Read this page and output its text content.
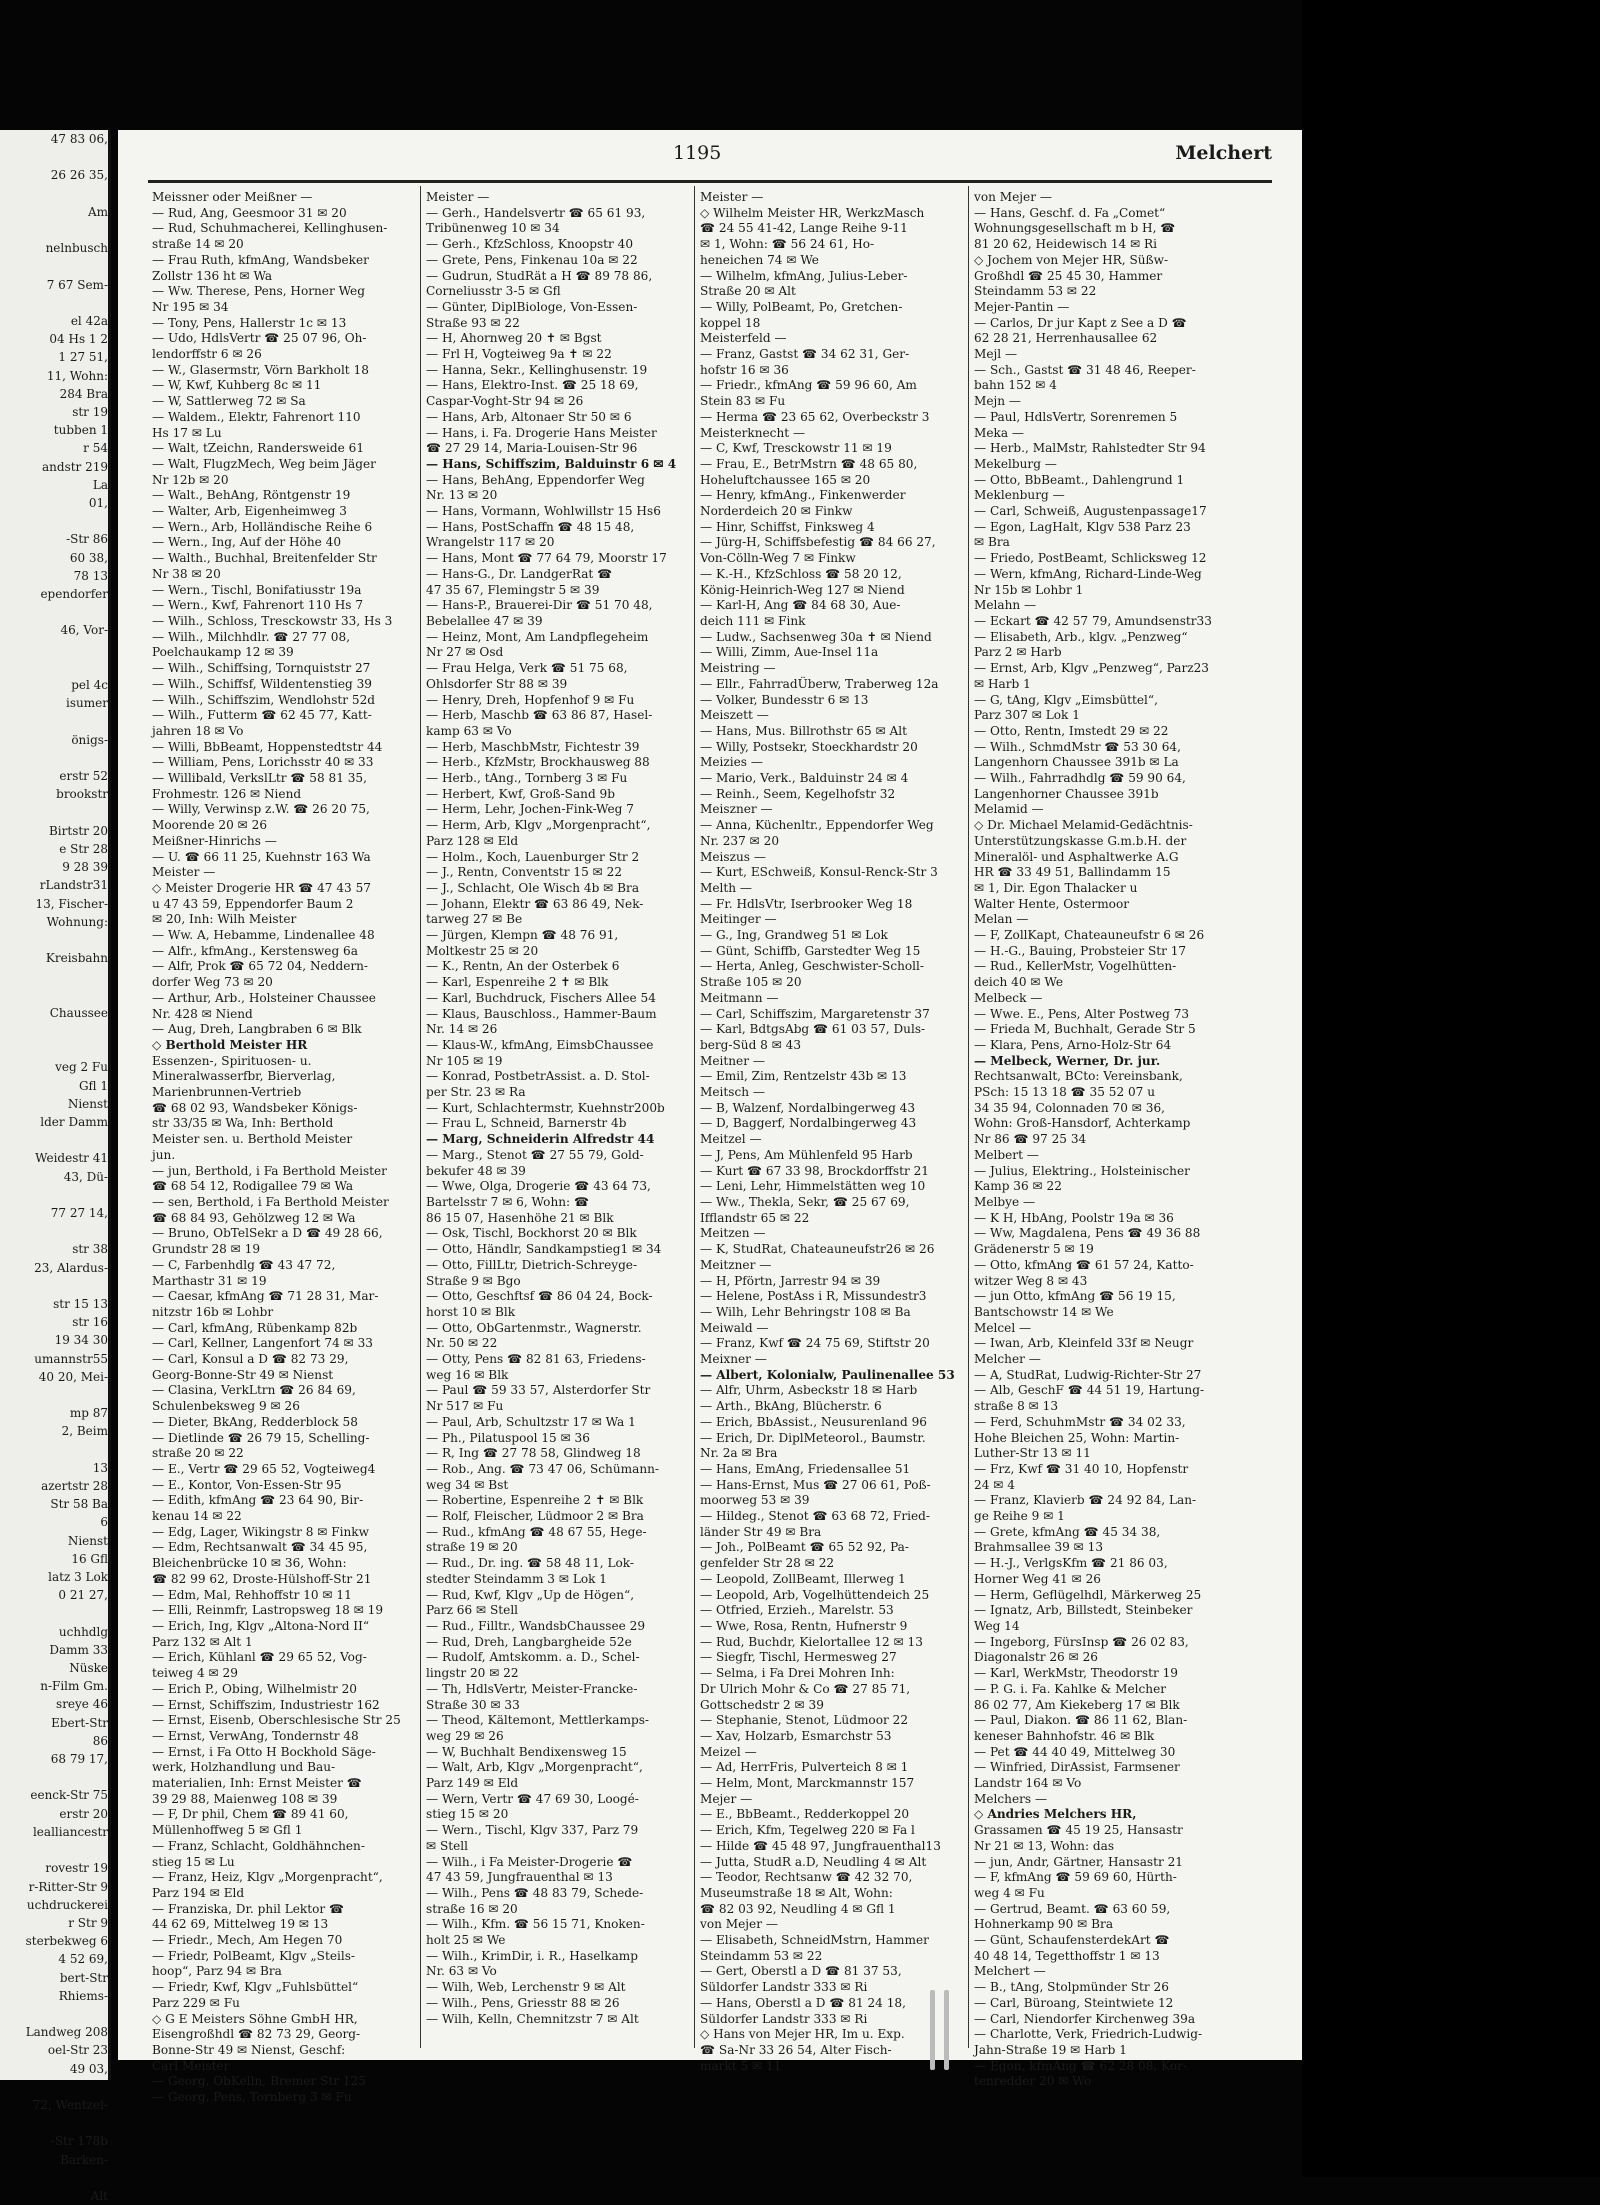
47 83 06,

26 26 35,

Am

nelnbusch

7 67 Sem-

el 42a
04 Hs 1 2
1 27 51,
11, Wohn:
284 Bra
str 19
tubben 1
r 54
andstr 219
La
01,

-Str 86
60 38,
78 13
ependorfer

46, Vor-

pel 4c
isumer

önigs-

erstr 52
brookstr

Birtstr 20
e Str 28
9 28 39
rLandstr31
13, Fischer-
Wohnung:

Kreisbahn

Chaussee

veg 2 Fu
Gfl 1
Nienst
lder Damm

Weidestr 41
43, Dü-

77 27 14,

str 38
23, Alardus-

str 15 13
str 16
19 34 30
umannstr55
40 20, Mei-

mp 87
2, Beim

13
azertstr 28
Str 58 Ba
6
Nienst
16 Gfl
latz 3 Lok
0 21 27,

uchhdlg
Damm 33
Nüske
n-Film Gm.
sreye 46
Ebert-Str
86
68 79 17,

eenck-Str 75
erstr 20
lealliancestr

rovestr 19
r-Ritter-Str 9
uchdruckerei
r Str 9
sterbekweg 6
4 52 69,
bert-Str
Rhiems-

Landweg 208
oel-Str 23
49 03,

72, Wentzel-

-Str 178b
Barken-

Alt
1195	Melchert
Meissner oder Meißner —
— Rud, Ang, Geesmoor 31 ✉ 20
— Rud, Schuhmacherei, Kellinghusen-
straße 14 ✉ 20
— Frau Ruth, kfmAng, Wandsbeker
Zollstr 136 ht ✉ Wa
— Ww. Therese, Pens, Horner Weg
Nr 195 ✉ 34
— Tony, Pens, Hallerstr 1c ✉ 13
— Udo, HdlsVertr ☎ 25 07 96, Oh-
lendorffstr 6 ✉ 26
— W., Glasermstr, Vörn Barkholt 18
— W, Kwf, Kuhberg 8c ✉ 11
— W, Sattlerweg 72 ✉ Sa
— Waldem., Elektr, Fahrenort 110
Hs 17 ✉ Lu
— Walt, tZeichn, Randersweide 61
— Walt, FlugzMech, Weg beim Jäger
Nr 12b ✉ 20
— Walt., BehAng, Röntgenstr 19
— Walter, Arb, Eigenheimweg 3
— Wern., Arb, Holländische Reihe 6
— Wern., Ing, Auf der Höhe 40
— Walth., Buchhal, Breitenfelder Str
Nr 38 ✉ 20
— Wern., Tischl, Bonifatiusstr 19a
— Wern., Kwf, Fahrenort 110 Hs 7
— Wilh., Schloss, Tresckowstr 33, Hs 3
— Wilh., Milchhdlr. ☎ 27 77 08,
Poelchaukamp 12 ✉ 39
— Wilh., Schiffsing, Tornquiststr 27
— Wilh., Schiffsf, Wildentenstieg 39
— Wilh., Schiffszim, Wendlohstr 52d
— Wilh., Futterm ☎ 62 45 77, Katt-
jahren 18 ✉ Vo
— Willi, BbBeamt, Hoppenstedtstr 44
— William, Pens, Lorichsstr 40 ✉ 33
— Willibald, VerkslLtr ☎ 58 81 35,
Frohmestr. 126 ✉ Niend
— Willy, Verwinsp z.W. ☎ 26 20 75,
Moorende 20 ✉ 26
Meißner-Hinrichs —
— U. ☎ 66 11 25, Kuehnstr 163 Wa
Meister —
◇ Meister Drogerie HR ☎ 47 43 57
u 47 43 59, Eppendorfer Baum 2
✉ 20, Inh: Wilh Meister
— Ww. A, Hebamme, Lindenallee 48
— Alfr., kfmAng., Kerstensweg 6a
— Alfr, Prok ☎ 65 72 04, Neddern-
dorfer Weg 73 ✉ 20
— Arthur, Arb., Holsteiner Chaussee
Nr. 428 ✉ Niend
— Aug, Dreh, Langbraben 6 ✉ Blk
◇ Berthold Meister HR
Essenzen-, Spirituosen- u.
Mineralwasserfbr, Bierverlag,
Marienbrunnen-Vertrieb
☎ 68 02 93, Wandsbeker Königs-
str 33/35 ✉ Wa, Inh: Berthold
Meister sen. u. Berthold Meister
jun.
— jun, Berthold, i Fa Berthold Meister
☎ 68 54 12, Rodigallee 79 ✉ Wa
— sen, Berthold, i Fa Berthold Meister
☎ 68 84 93, Gehölzweg 12 ✉ Wa
— Bruno, ObTelSekr a D ☎ 49 28 66,
Grundstr 28 ✉ 19
— C, Farbenhdlg ☎ 43 47 72,
Marthastr 31 ✉ 19
— Caesar, kfmAng ☎ 71 28 31, Mar-
nitzstr 16b ✉ Lohbr
— Carl, kfmAng, Rübenkamp 82b
— Carl, Kellner, Langenfort 74 ✉ 33
— Carl, Konsul a D ☎ 82 73 29,
Georg-Bonne-Str 49 ✉ Nienst
— Clasina, VerkLtrn ☎ 26 84 69,
Schulenbeksweg 9 ✉ 26
— Dieter, BkAng, Redderblock 58
— Dietlinde ☎ 26 79 15, Schelling-
straße 20 ✉ 22
— E., Vertr ☎ 29 65 52, Vogteiweg4
— E., Kontor, Von-Essen-Str 95
— Edith, kfmAng ☎ 23 64 90, Bir-
kenau 14 ✉ 22
— Edg, Lager, Wikingstr 8 ✉ Finkw
— Edm, Rechtsanwalt ☎ 34 45 95,
Bleichenbrücke 10 ✉ 36, Wohn:
☎ 82 99 62, Droste-Hülshoff-Str 21
— Edm, Mal, Rehhoffstr 10 ✉ 11
— Elli, Reinmfr, Lastropsweg 18 ✉ 19
— Erich, Ing, Klgv „Altona-Nord II“
Parz 132 ✉ Alt 1
— Erich, Kühlanl ☎ 29 65 52, Vog-
teiweg 4 ✉ 29
— Erich P., Obing, Wilhelmistr 20
— Ernst, Schiffszim, Industriestr 162
— Ernst, Eisenb, Oberschlesische Str 25
— Ernst, VerwAng, Tondernstr 48
— Ernst, i Fa Otto H Bockhold Säge-
werk, Holzhandlung und Bau-
materialien, Inh: Ernst Meister ☎
39 29 88, Maienweg 108 ✉ 39
— F, Dr phil, Chem ☎ 89 41 60,
Müllenhoffweg 5 ✉ Gfl 1
— Franz, Schlacht, Goldhähnchen-
stieg 15 ✉ Lu
— Franz, Heiz, Klgv „Morgenpracht“,
Parz 194 ✉ Eld
— Franziska, Dr. phil Lektor ☎
44 62 69, Mittelweg 19 ✉ 13
— Friedr., Mech, Am Hegen 70
— Friedr, PolBeamt, Klgv „Steils-
hoop“, Parz 94 ✉ Bra
— Friedr, Kwf, Klgv „Fuhlsbüttel“
Parz 229 ✉ Fu
◇ G E Meisters Söhne GmbH HR,
Eisengroßhdl ☎ 82 73 29, Georg-
Bonne-Str 49 ✉ Nienst, Geschf:
Carl Meister
— Georg, ObKelln, Bremer Str 125
— Georg, Pens, Tornberg 3 ✉ Fu
Meister —
— Gerh., Handelsvertr ☎ 65 61 93,
Tribünenweg 10 ✉ 34
— Gerh., KfzSchloss, Knoopstr 40
— Grete, Pens, Finkenau 10a ✉ 22
— Gudrun, StudRät a H ☎ 89 78 86,
Corneliusstr 3-5 ✉ Gfl
— Günter, DiplBiologe, Von-Essen-
Straße 93 ✉ 22
— H, Ahornweg 20 ✝ ✉ Bgst
— Frl H, Vogteiweg 9a ✝ ✉ 22
— Hanna, Sekr., Kellinghusenstr. 19
— Hans, Elektro-Inst. ☎ 25 18 69,
Caspar-Voght-Str 94 ✉ 26
— Hans, Arb, Altonaer Str 50 ✉ 6
— Hans, i. Fa. Drogerie Hans Meister
☎ 27 29 14, Maria-Louisen-Str 96
— Hans, Schiffszim, Balduinstr 6 ✉ 4
— Hans, BehAng, Eppendorfer Weg
Nr. 13 ✉ 20
— Hans, Vormann, Wohlwillstr 15 Hs6
— Hans, PostSchaffn ☎ 48 15 48,
Wrangelstr 117 ✉ 20
— Hans, Mont ☎ 77 64 79, Moorstr 17
— Hans-G., Dr. LandgerRat ☎
47 35 67, Flemingstr 5 ✉ 39
— Hans-P., Brauerei-Dir ☎ 51 70 48,
Bebelallee 47 ✉ 39
— Heinz, Mont, Am Landpflegeheim
Nr 27 ✉ Osd
— Frau Helga, Verk ☎ 51 75 68,
Ohlsdorfer Str 88 ✉ 39
— Henry, Dreh, Hopfenhof 9 ✉ Fu
— Herb, Maschb ☎ 63 86 87, Hasel-
kamp 63 ✉ Vo
— Herb, MaschbMstr, Fichtestr 39
— Herb., KfzMstr, Brockhausweg 88
— Herb., tAng., Tornberg 3 ✉ Fu
— Herbert, Kwf, Groß-Sand 9b
— Herm, Lehr, Jochen-Fink-Weg 7
— Herm, Arb, Klgv „Morgenpracht“,
Parz 128 ✉ Eld
— Holm., Koch, Lauenburger Str 2
— J., Rentn, Conventstr 15 ✉ 22
— J., Schlacht, Ole Wisch 4b ✉ Bra
— Johann, Elektr ☎ 63 86 49, Nek-
tarweg 27 ✉ Be
— Jürgen, Klempn ☎ 48 76 91,
Moltkestr 25 ✉ 20
— K., Rentn, An der Osterbek 6
— Karl, Espenreihe 2 ✝ ✉ Blk
— Karl, Buchdruck, Fischers Allee 54
— Klaus, Bauschloss., Hammer-Baum
Nr. 14 ✉ 26
— Klaus-W., kfmAng, EimsbChaussee
Nr 105 ✉ 19
— Konrad, PostbetrAssist. a. D. Stol-
per Str. 23 ✉ Ra
— Kurt, Schlachtermstr, Kuehnstr200b
— Frau L, Schneid, Barnerstr 4b
— Marg, Schneiderin Alfredstr 44
— Marg., Stenot ☎ 27 55 79, Gold-
bekufer 48 ✉ 39
— Wwe, Olga, Drogerie ☎ 43 64 73,
Bartelsstr 7 ✉ 6, Wohn: ☎
86 15 07, Hasenhöhe 21 ✉ Blk
— Osk, Tischl, Bockhorst 20 ✉ Blk
— Otto, Händlr, Sandkampstieg1 ✉ 34
— Otto, FillLtr, Dietrich-Schreyge-
Straße 9 ✉ Bgo
— Otto, Geschftsf ☎ 86 04 24, Bock-
horst 10 ✉ Blk
— Otto, ObGartenmstr., Wagnerstr.
Nr. 50 ✉ 22
— Otty, Pens ☎ 82 81 63, Friedens-
weg 16 ✉ Blk
— Paul ☎ 59 33 57, Alsterdorfer Str
Nr 517 ✉ Fu
— Paul, Arb, Schultzstr 17 ✉ Wa 1
— Ph., Pilatuspool 15 ✉ 36
— R, Ing ☎ 27 78 58, Glindweg 18
— Rob., Ang. ☎ 73 47 06, Schümann-
weg 34 ✉ Bst
— Robertine, Espenreihe 2 ✝ ✉ Blk
— Rolf, Fleischer, Lüdmoor 2 ✉ Bra
— Rud., kfmAng ☎ 48 67 55, Hege-
straße 19 ✉ 20
— Rud., Dr. ing. ☎ 58 48 11, Lok-
stedter Steindamm 3 ✉ Lok 1
— Rud, Kwf, Klgv „Up de Högen“,
Parz 66 ✉ Stell
— Rud., Filltr., WandsbChaussee 29
— Rud, Dreh, Langbargheide 52e
— Rudolf, Amtskomm. a. D., Schel-
lingstr 20 ✉ 22
— Th, HdlsVertr, Meister-Francke-
Straße 30 ✉ 33
— Theod, Kältemont, Mettlerkamps-
weg 29 ✉ 26
— W, Buchhalt Bendixensweg 15
— Walt, Arb, Klgv „Morgenpracht“,
Parz 149 ✉ Eld
— Wern, Vertr ☎ 47 69 30, Loogé-
stieg 15 ✉ 20
— Wern., Tischl, Klgv 337, Parz 79
✉ Stell
— Wilh., i Fa Meister-Drogerie ☎
47 43 59, Jungfrauenthal ✉ 13
— Wilh., Pens ☎ 48 83 79, Schede-
straße 16 ✉ 20
— Wilh., Kfm. ☎ 56 15 71, Knoken-
holt 25 ✉ We
— Wilh., KrimDir, i. R., Haselkamp
Nr. 63 ✉ Vo
— Wilh, Web, Lerchenstr 9 ✉ Alt
— Wilh., Pens, Griesstr 88 ✉ 26
— Wilh, Kelln, Chemnitzstr 7 ✉ Alt
Meister —
◇ Wilhelm Meister HR, WerkzMasch
☎ 24 55 41-42, Lange Reihe 9-11
✉ 1, Wohn: ☎ 56 24 61, Ho-
heneichen 74 ✉ We
— Wilhelm, kfmAng, Julius-Leber-
Straße 20 ✉ Alt
— Willy, PolBeamt, Po, Gretchen-
koppel 18
Meisterfeld —
— Franz, Gastst ☎ 34 62 31, Ger-
hofstr 16 ✉ 36
— Friedr., kfmAng ☎ 59 96 60, Am
Stein 83 ✉ Fu
— Herma ☎ 23 65 62, Overbeckstr 3
Meisterknecht —
— C, Kwf, Tresckowstr 11 ✉ 19
— Frau, E., BetrMstrn ☎ 48 65 80,
Hoheluftchaussee 165 ✉ 20
— Henry, kfmAng., Finkenwerder
Norderdeich 20 ✉ Finkw
— Hinr, Schiffst, Finksweg 4
— Jürg-H, Schiffsbefestig ☎ 84 66 27,
Von-Cölln-Weg 7 ✉ Finkw
— K.-H., KfzSchloss ☎ 58 20 12,
König-Heinrich-Weg 127 ✉ Niend
— Karl-H, Ang ☎ 84 68 30, Aue-
deich 111 ✉ Fink
— Ludw., Sachsenweg 30a ✝ ✉ Niend
— Willi, Zimm, Aue-Insel 11a
Meistring —
— Ellr., FahrradÜberw, Traberweg 12a
— Volker, Bundesstr 6 ✉ 13
Meiszett —
— Hans, Mus. Billrothstr 65 ✉ Alt
— Willy, Postsekr, Stoeckhardstr 20
Meizies —
— Mario, Verk., Balduinstr 24 ✉ 4
— Reinh., Seem, Kegelhofstr 32
Meiszner —
— Anna, Küchenltr., Eppendorfer Weg
Nr. 237 ✉ 20
Meiszus —
— Kurt, ESchweiß, Konsul-Renck-Str 3
Melth —
— Fr. HdlsVtr, Iserbrooker Weg 18
Meitinger —
— G., Ing, Grandweg 51 ✉ Lok
— Günt, Schiffb, Garstedter Weg 15
— Herta, Anleg, Geschwister-Scholl-
Straße 105 ✉ 20
Meitmann —
— Carl, Schiffszim, Margaretenstr 37
— Karl, BdtgsAbg ☎ 61 03 57, Duls-
berg-Süd 8 ✉ 43
Meitner —
— Emil, Zim, Rentzelstr 43b ✉ 13
Meitsch —
— B, Walzenf, Nordalbingerweg 43
— D, Baggerf, Nordalbingerweg 43
Meitzel —
— J, Pens, Am Mühlenfeld 95 Harb
— Kurt ☎ 67 33 98, Brockdorffstr 21
— Leni, Lehr, Himmelstätten weg 10
— Ww., Thekla, Sekr, ☎ 25 67 69,
Ifflandstr 65 ✉ 22
Meitzen —
— K, StudRat, Chateauneufstr26 ✉ 26
Meitzner —
— H, Pförtn, Jarrestr 94 ✉ 39
— Helene, PostAss i R, Missundestr3
— Wilh, Lehr Behringstr 108 ✉ Ba
Meiwald —
— Franz, Kwf ☎ 24 75 69, Stiftstr 20
Meixner —
— Albert, Kolonialw, Paulinenallee 53
— Alfr, Uhrm, Asbeckstr 18 ✉ Harb
— Arth., BkAng, Blücherstr. 6
— Erich, BbAssist., Neusurenland 96
— Erich, Dr. DiplMeteorol., Baumstr.
Nr. 2a ✉ Bra
— Hans, EmAng, Friedensallee 51
— Hans-Ernst, Mus ☎ 27 06 61, Poß-
moorweg 53 ✉ 39
— Hildeg., Stenot ☎ 63 68 72, Fried-
länder Str 49 ✉ Bra
— Joh., PolBeamt ☎ 65 52 92, Pa-
genfelder Str 28 ✉ 22
— Leopold, ZollBeamt, Illerweg 1
— Leopold, Arb, Vogelhüttendeich 25
— Otfried, Erzieh., Marelstr. 53
— Wwe, Rosa, Rentn, Hufnerstr 9
— Rud, Buchdr, Kielortallee 12 ✉ 13
— Siegfr, Tischl, Hermesweg 27
— Selma, i Fa Drei Mohren Inh:
Dr Ulrich Mohr & Co ☎ 27 85 71,
Gottschedstr 2 ✉ 39
— Stephanie, Stenot, Lüdmoor 22
— Xav, Holzarb, Esmarchstr 53
Meizel —
— Ad, HerrFris, Pulverteich 8 ✉ 1
— Helm, Mont, Marckmannstr 157
Mejer —
— E., BbBeamt., Redderkoppel 20
— Erich, Kfm, Tegelweg 220 ✉ Fa l
— Hilde ☎ 45 48 97, Jungfrauenthal13
— Jutta, StudR a.D, Neudling 4 ✉ Alt
— Teodor, Rechtsanw ☎ 42 32 70,
Museumstraße 18 ✉ Alt, Wohn:
☎ 82 03 92, Neudling 4 ✉ Gfl 1
von Mejer —
— Elisabeth, SchneidMstrn, Hammer
Steindamm 53 ✉ 22
— Gert, Oberstl a D ☎ 81 37 53,
Süldorfer Landstr 333 ✉ Ri
— Hans, Oberstl a D ☎ 81 24 18,
Süldorfer Landstr 333 ✉ Ri
◇ Hans von Mejer HR, Im u. Exp.
☎ Sa-Nr 33 26 54, Alter Fisch-
markt 5 ✉ 11
von Mejer —
— Hans, Geschf. d. Fa „Comet“
Wohnungsgesellschaft m b H, ☎
81 20 62, Heidewisch 14 ✉ Ri
◇ Jochem von Mejer HR, Süßw-
Großhdl ☎ 25 45 30, Hammer
Steindamm 53 ✉ 22
Mejer-Pantin —
— Carlos, Dr jur Kapt z See a D ☎
62 28 21, Herrenhausallee 62
Mejl —
— Sch., Gastst ☎ 31 48 46, Reeper-
bahn 152 ✉ 4
Mejn —
— Paul, HdlsVertr, Sorenremen 5
Meka —
— Herb., MalMstr, Rahlstedter Str 94
Mekelburg —
— Otto, BbBeamt., Dahlengrund 1
Meklenburg —
— Carl, Schweiß, Augustenpassage17
— Egon, LagHalt, Klgv 538 Parz 23
✉ Bra
— Friedo, PostBeamt, Schlicksweg 12
— Wern, kfmAng, Richard-Linde-Weg
Nr 15b ✉ Lohbr 1
Melahn —
— Eckart ☎ 42 57 79, Amundsenstr33
— Elisabeth, Arb., klgv. „Penzweg“
Parz 2 ✉ Harb
— Ernst, Arb, Klgv „Penzweg“, Parz23
✉ Harb 1
— G, tAng, Klgv „Eimsbüttel“,
Parz 307 ✉ Lok 1
— Otto, Rentn, Imstedt 29 ✉ 22
— Wilh., SchmdMstr ☎ 53 30 64,
Langenhorn Chaussee 391b ✉ La
— Wilh., Fahrradhdlg ☎ 59 90 64,
Langenhorner Chaussee 391b
Melamid —
◇ Dr. Michael Melamid-Gedächtnis-
Unterstützungskasse G.m.b.H. der
Mineralöl- und Asphaltwerke A.G
HR ☎ 33 49 51, Ballindamm 15
✉ 1, Dir. Egon Thalacker u
Walter Hente, Ostermoor
Melan —
— F, ZollKapt, Chateauneufstr 6 ✉ 26
— H.-G., Bauing, Probsteier Str 17
— Rud., KellerMstr, Vogelhütten-
deich 40 ✉ We
Melbeck —
— Wwe. E., Pens, Alter Postweg 73
— Frieda M, Buchhalt, Gerade Str 5
— Klara, Pens, Arno-Holz-Str 64
— Melbeck, Werner, Dr. jur.
Rechtsanwalt, BCto: Vereinsbank,
PSch: 15 13 18 ☎ 35 52 07 u
34 35 94, Colonnaden 70 ✉ 36,
Wohn: Groß-Hansdorf, Achterkamp
Nr 86 ☎ 97 25 34
Melbert —
— Julius, Elektring., Holsteinischer
Kamp 36 ✉ 22
Melbye —
— K H, HbAng, Poolstr 19a ✉ 36
— Ww, Magdalena, Pens ☎ 49 36 88
Grädenerstr 5 ✉ 19
— Otto, kfmAng ☎ 61 57 24, Katto-
witzer Weg 8 ✉ 43
— jun Otto, kfmAng ☎ 56 19 15,
Bantschowstr 14 ✉ We
Melcel —
— Iwan, Arb, Kleinfeld 33f ✉ Neugr
Melcher —
— A, StudRat, Ludwig-Richter-Str 27
— Alb, GeschF ☎ 44 51 19, Hartung-
straße 8 ✉ 13
— Ferd, SchuhmMstr ☎ 34 02 33,
Hohe Bleichen 25, Wohn: Martin-
Luther-Str 13 ✉ 11
— Frz, Kwf ☎ 31 40 10, Hopfenstr
24 ✉ 4
— Franz, Klavierb ☎ 24 92 84, Lan-
ge Reihe 9 ✉ 1
— Grete, kfmAng ☎ 45 34 38,
Brahmsallee 39 ✉ 13
— H.-J., VerlgsKfm ☎ 21 86 03,
Horner Weg 41 ✉ 26
— Herm, Geflügelhdl, Märkerweg 25
— Ignatz, Arb, Billstedt, Steinbeker
Weg 14
— Ingeborg, FürsInsp ☎ 26 02 83,
Diagonalstr 26 ✉ 26
— Karl, WerkMstr, Theodorstr 19
— P. G. i. Fa. Kahlke & Melcher
86 02 77, Am Kiekeberg 17 ✉ Blk
— Paul, Diakon. ☎ 86 11 62, Blan-
keneser Bahnhofstr. 46 ✉ Blk
— Pet ☎ 44 40 49, Mittelweg 30
— Winfried, DirAssist, Farmsener
Landstr 164 ✉ Vo
Melchers —
◇ Andries Melchers HR,
Grassamen ☎ 45 19 25, Hansastr
Nr 21 ✉ 13, Wohn: das
— jun, Andr, Gärtner, Hansastr 21
— F, kfmAng ☎ 59 69 60, Hürth-
weg 4 ✉ Fu
— Gertrud, Beamt. ☎ 63 60 59,
Hohnerkamp 90 ✉ Bra
— Günt, SchaufensterdekArt ☎
40 48 14, Tegetthoffstr 1 ✉ 13
Melchert —
— B., tAng, Stolpmünder Str 26
— Carl, Büroang, Steintwiete 12
— Carl, Niendorfer Kirchenweg 39a
— Charlotte, Verk, Friedrich-Ludwig-
Jahn-Straße 19 ✉ Harb 1
— Egon, kfmAng ☎ 62 28 08, Kor-
tenredder 20 ✉ Wo
